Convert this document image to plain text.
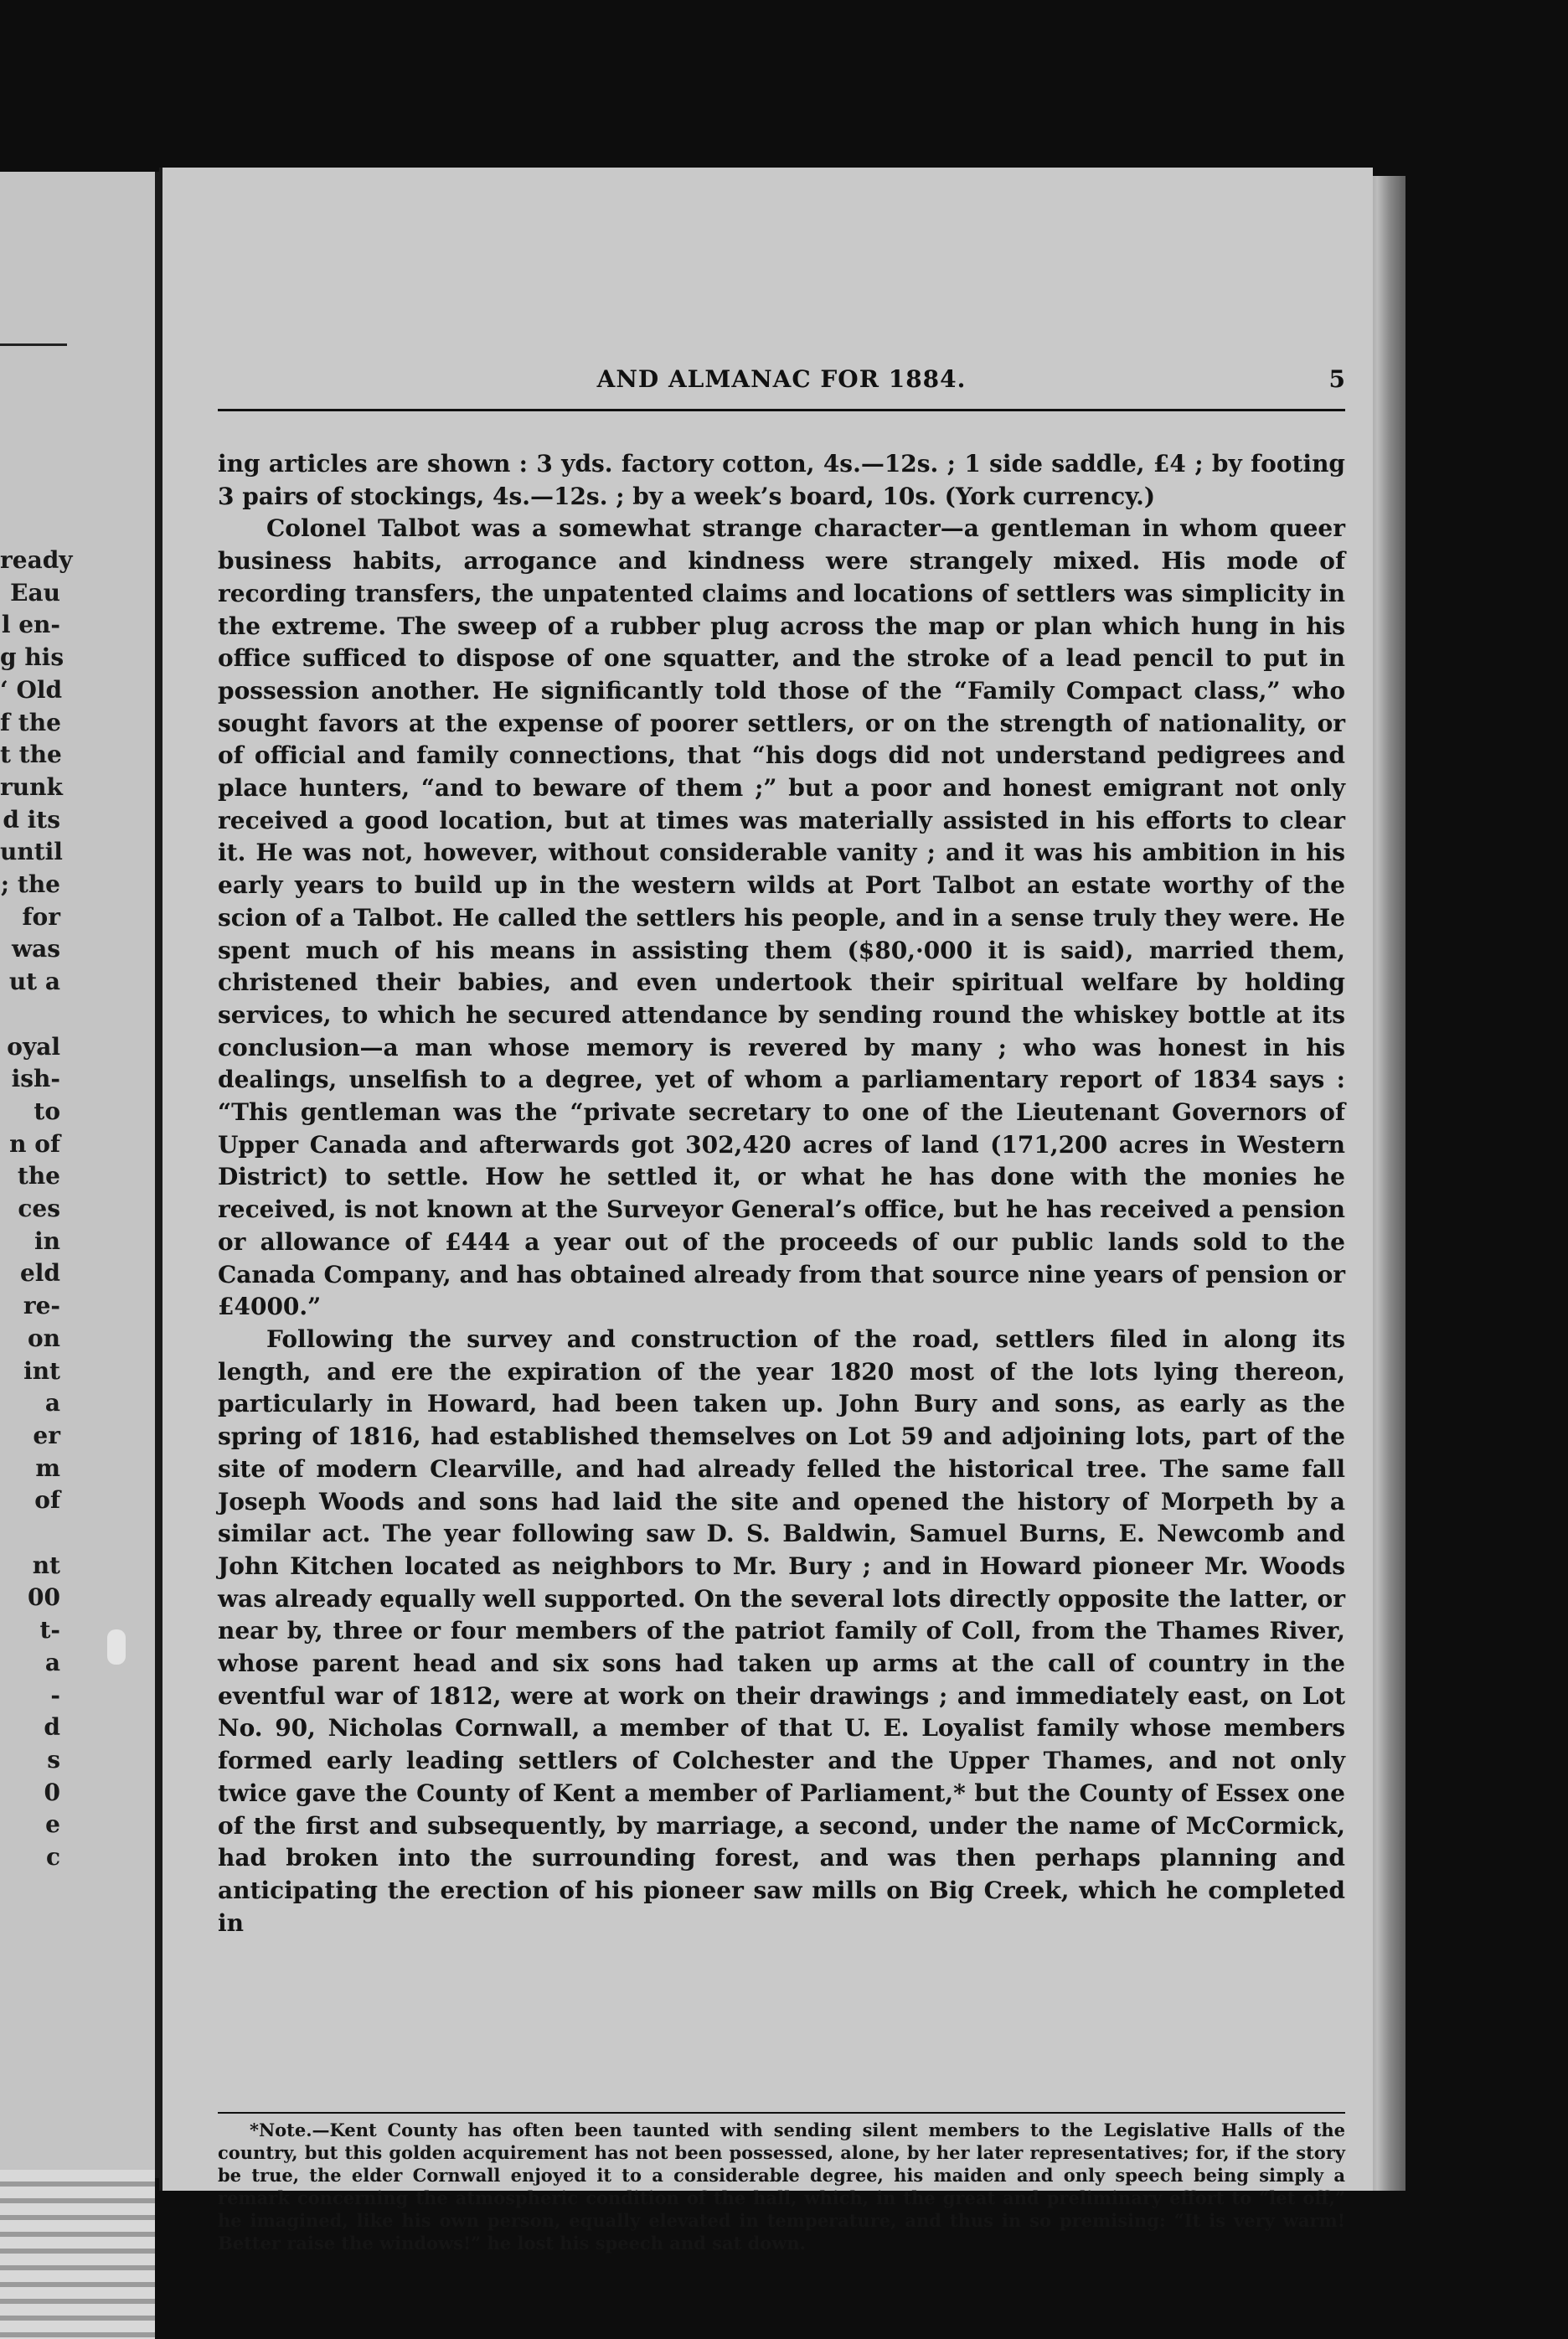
ready
Eau
l en-
g his
‘ Old
f the
t the
runk
d its
until
; the
for
was
ut a
oyal
ish-
to
n of
the
ces
in
eld
re-
on
int
a
er
m
of
nt
00
t-
a
-
d
s
0
e
c
AND ALMANAC FOR 1884.	5

ing articles are shown : 3 yds. factory cotton, 4s.—12s. ; 1 side saddle, £4 ; by footing 3 pairs of stockings, 4s.—12s. ; by a week’s board, 10s. (York currency.)

Colonel Talbot was a somewhat strange character—a gentleman in whom queer business habits, arrogance and kindness were strangely mixed. His mode of recording transfers, the unpatented claims and locations of settlers was simplicity in the extreme. The sweep of a rubber plug across the map or plan which hung in his office sufficed to dispose of one squatter, and the stroke of a lead pencil to put in possession another. He significantly told those of the “Family Compact class,” who sought favors at the expense of poorer settlers, or on the strength of nationality, or of official and family connections, that “his dogs did not understand pedigrees and place hunters, “and to beware of them ;” but a poor and honest emigrant not only received a good location, but at times was materially assisted in his efforts to clear it. He was not, however, without considerable vanity ; and it was his ambition in his early years to build up in the western wilds at Port Talbot an estate worthy of the scion of a Talbot. He called the settlers his people, and in a sense truly they were. He spent much of his means in assisting them ($80,·000 it is said), married them, christened their babies, and even undertook their spiritual welfare by holding services, to which he secured attendance by sending round the whiskey bottle at its conclusion—a man whose memory is revered by many ; who was honest in his dealings, unselfish to a degree, yet of whom a parliamentary report of 1834 says : “This gentleman was the “private secretary to one of the Lieutenant Governors of Upper Canada and afterwards got 302,420 acres of land (171,200 acres in Western District) to settle. How he settled it, or what he has done with the monies he received, is not known at the Surveyor General’s office, but he has received a pension or allowance of £444 a year out of the proceeds of our public lands sold to the Canada Company, and has obtained already from that source nine years of pension or £4000.”

Following the survey and construction of the road, settlers filed in along its length, and ere the expiration of the year 1820 most of the lots lying thereon, particularly in Howard, had been taken up. John Bury and sons, as early as the spring of 1816, had established themselves on Lot 59 and adjoining lots, part of the site of modern Clearville, and had already felled the historical tree. The same fall Joseph Woods and sons had laid the site and opened the history of Morpeth by a similar act. The year following saw D. S. Baldwin, Samuel Burns, E. Newcomb and John Kitchen located as neighbors to Mr. Bury ; and in Howard pioneer Mr. Woods was already equally well supported. On the several lots directly opposite the latter, or near by, three or four members of the patriot family of Coll, from the Thames River, whose parent head and six sons had taken up arms at the call of country in the eventful war of 1812, were at work on their drawings ; and immediately east, on Lot No. 90, Nicholas Cornwall, a member of that U. E. Loyalist family whose members formed early leading settlers of Colchester and the Upper Thames, and not only twice gave the County of Kent a member of Parliament,* but the County of Essex one of the first and subsequently, by marriage, a second, under the name of McCormick, had broken into the surrounding forest, and was then perhaps planning and anticipating the erection of his pioneer saw mills on Big Creek, which he completed in

*Note.—Kent County has often been taunted with sending silent members to the Legislative Halls of the country, but this golden acquirement has not been possessed, alone, by her later representatives; for, if the story be true, the elder Cornwall enjoyed it to a considerable degree, his maiden and only speech being simply a remark concerning the atmospheric condition of the hall, which, in the great and preliminary effort to “let off,” he imagined, like his own person, equally elevated in temperature, and thus in so premising: “It is very warm! Better raise the windows!” he lost his speech and sat down.
